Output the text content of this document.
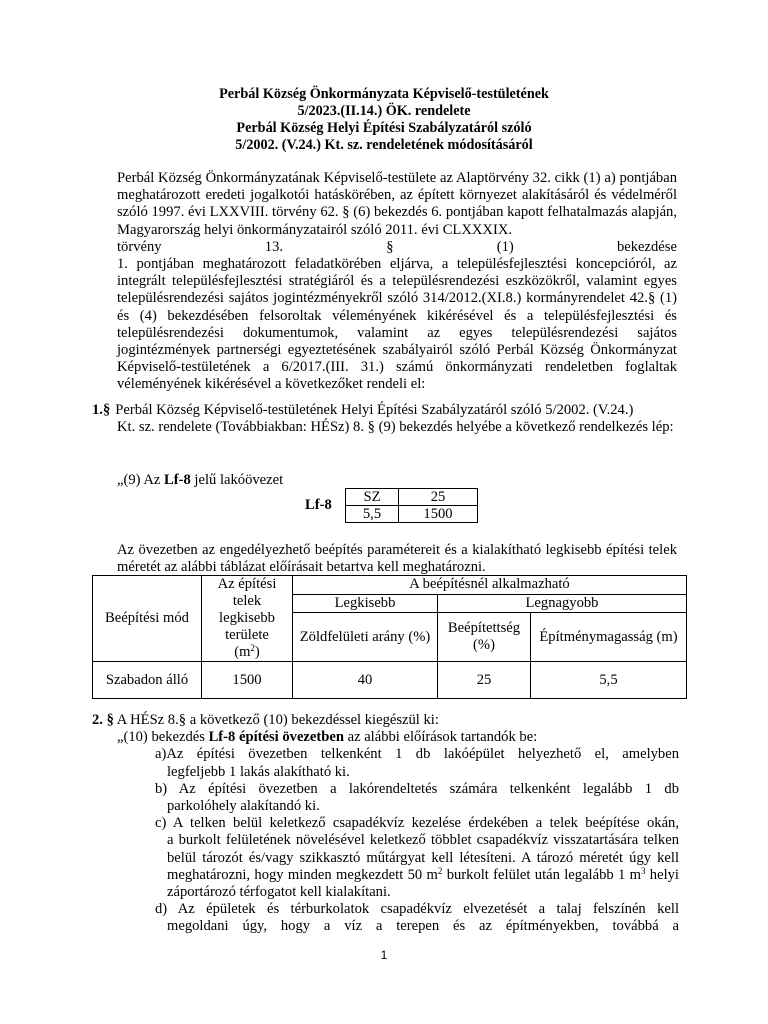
Perbál Község Önkormányzata Képviselő-testületének
5/2023.(II.14.) ÖK. rendelete
Perbál Község Helyi Építési Szabályzatáról szóló
5/2002. (V.24.) Kt. sz. rendeletének módosításáról

Perbál Község Önkormányzatának Képviselő-testülete az Alaptörvény 32. cikk (1) a) pontjában meghatározott eredeti jogalkotói hatáskörében, az épített környezet alakításáról és védelméről szóló 1997. évi LXXVIII. törvény 62. § (6) bekezdés 6. pontjában kapott felhatalmazás alapján, Magyarország helyi önkormányzatairól szóló 2011. évi CLXXXIX.

törvény	13.	§	(1)	bekezdése

1. pontjában meghatározott feladatkörében eljárva, a településfejlesztési koncepcióról, az integrált településfejlesztési stratégiáról és a településrendezési eszközökről, valamint egyes településrendezési sajátos jogintézményekről szóló 314/2012.(XI.8.) kormányrendelet 42.§ (1) és (4) bekezdésében felsoroltak véleményének kikérésével és a településfejlesztési és településrendezési dokumentumok, valamint az egyes településrendezési sajátos jogintézmények partnerségi egyeztetésének szabályairól szóló Perbál Község Önkormányzat Képviselő-testületének a 6/2017.(III. 31.) számú önkormányzati rendeletben foglaltak véleményének kikérésével a következőket rendeli el:

1.§ Perbál Község Képviselő-testületének Helyi Építési Szabályzatáról szóló 5/2002. (V.24.)
Kt. sz. rendelete (Továbbiakban: HÉSz) 8. § (9) bekezdés helyébe a következő rendelkezés lép:
„(9) Az Lf-8 jelű lakóövezet
Lf-8 SZ	25
5,5	1500
Az övezetben az engedélyezhető beépítés paramétereit és a kialakítható legkisebb építési telek méretét az alábbi táblázat előírásait betartva kell meghatározni.
Beépítési mód	Az építési
telek
legkisebb
területe
$(m^2)$	A beépítésnél alkalmazható		
		Legkisebb	Legnagyobb	
		Zöldfelületi arány (%)	Beépítettség (%)	Építménymagasság (m)
Szabadon álló	1500	40	25	5,5
2. § A HÉSz 8.§ a következő (10) bekezdéssel kiegészül ki:
„(10) bekezdés Lf-8 építési övezetben az alábbi előírások tartandók be:
a)Az építési övezetben telkenként 1 db lakóépület helyezhető el, amelyben
legfeljebb 1 lakás alakítható ki.
b) Az építési övezetben a lakórendeltetés számára telkenként legalább 1 db
parkolóhely alakítandó ki.
c) A telken belül keletkező csapadékvíz kezelése érdekében a telek beépítése okán,
a burkolt felületének növelésével keletkező többlet csapadékvíz visszatartására telken belül tározót és/vagy szikkasztó műtárgyat kell létesíteni. A tározó méretét úgy kell meghatározni, hogy minden megkezdett 50 $m^2$ burkolt felület után legalább 1 $m^3$ helyi záportározó térfogatot kell kialakítani.
d) Az épületek és térburkolatok csapadékvíz elvezetését a talaj felszínén kell
megoldani úgy, hogy a víz a terepen és az építményekben, továbbá a
1
